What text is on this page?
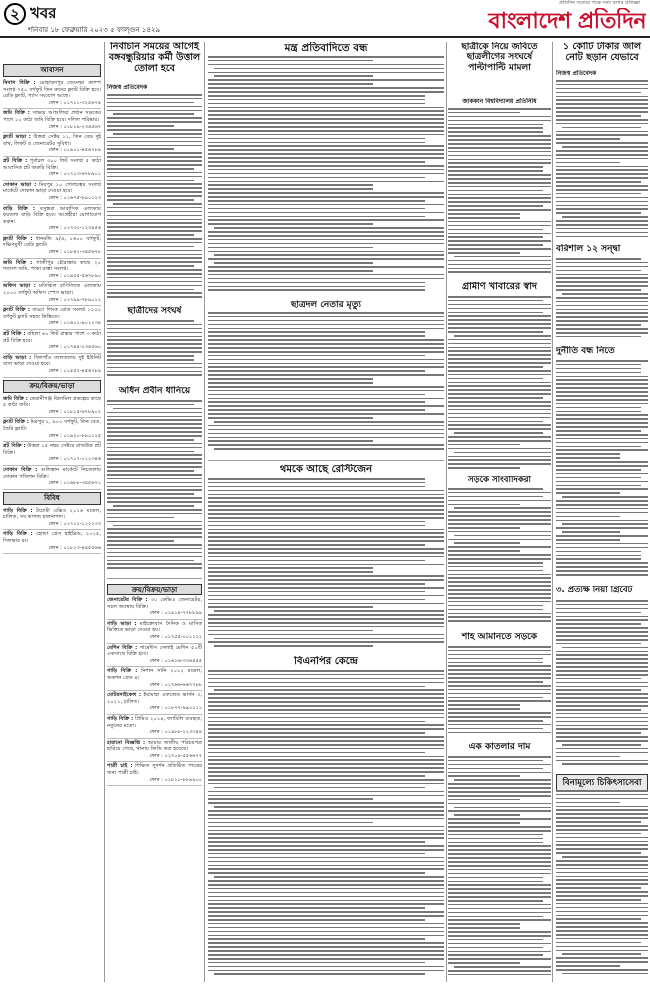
২ খবর
শনিবার ১৮ ফেব্রুয়ারি ২০২৩ ৫ ফাল্গুন ১৪২৯
প্রতিদিন সত্যের পক্ষে সত্য বলার প্রতিজ্ঞা
বাংলাদেশ প্রতিদিন
আবাসন
নিবাস বিক্রি : মোহাম্মদপুর জেনেভা ক্যাম্প সংলগ্ন ৭৫০ বর্গফুট তিন রুমের ফ্ল্যাট বিক্রি হবে। রেডি ফ্ল্যাট, গ্যাস সংযোগ আছে।
ফোন : ০১৭১১-৩২৫৬৭৪
জমি বিক্রি : সাভার আশুলিয়া প্রধান সড়কের পাশে ১০ কাঠা জমি বিক্রি হবে। দলিল পরিষ্কার।
ফোন : ০১৮১৯-২৩৪৫৬৭
ফ্ল্যাট ভাড়া : উত্তরা সেক্টর ১১, তিন বেড দুই বাথ, লিফট ও জেনারেটর সুবিধা।
ফোন : ০১৯১১-৪৫৬৭৮৯
প্লট বিক্রি : পূর্বাচল ৩০০ ফিট সংলগ্ন ৫ কাঠা আবাসিক প্লট জরুরি বিক্রি।
ফোন : ০১৭১৩-৬৭৮৯০১
দোকান ভাড়া : মিরপুর ১০ গোলচত্বর সংলগ্ন মার্কেটে দোকান ভাড়া দেওয়া হবে।
ফোন : ০১৬৭৫-৮৯০১২৩
বাড়ি বিক্রি : বসুন্ধরা আবাসিক এলাকায় ছয়তলা বাড়ি বিক্রি হবে। আগ্রহীরা যোগাযোগ করুন।
ফোন : ০১৭৩০-১২৩৪৫৬
ফ্ল্যাট বিক্রি : ধানমন্ডি ৯/এ, ১৬০০ বর্গফুট, দক্ষিণমুখী রেডি ফ্ল্যাট।
ফোন : ০১৮৪২-৩৪৫৬৭৮
জমি বিক্রি : গাজীপুর চৌরাস্তার কাছে ২০ শতাংশ জমি, পাকা রাস্তা সংলগ্ন।
ফোন : ০১৯৫৫-৫৬৭৮৯০
অফিস ভাড়া : মতিঝিল বাণিজ্যিক এলাকায় ২০০০ বর্গফুট অফিস স্পেস ভাড়া।
ফোন : ০১৭৯৯-৭৮৯০১২
ফ্ল্যাট বিক্রি : বাড্ডা লিংক রোড সংলগ্ন ১২০০ বর্গফুট ফ্ল্যাট সহজ কিস্তিতে।
ফোন : ০১৬১১-৯০১২৩৪
প্লট বিক্রি : বছিলা ৪০ ফিট রাস্তার পাশে ৩ কাঠা প্লট বিক্রি হবে।
ফোন : ০১৭৪৪-২৩৪৫৬০
বাড়ি ভাড়া : খিলগাঁও তালতলায় দুই ইউনিট বাসা ভাড়া দেওয়া হবে।
ফোন : ০১৫৫২-৪৫৬৭৮৯
ক্রয়/বিক্রয়/ভাড়া
জমি বিক্রি : কেরানীগঞ্জ ঝিলমিল প্রকল্পের কাছে ৫ কাঠা জমি।
ফোন : ০১৮১৫-৬৭৮৯০২
ফ্ল্যাট বিক্রি : মিরপুর ২, ৯০০ বর্গফুট, তিন বেড, তৈরি ফ্ল্যাট।
ফোন : ০১৯২০-৮৯০১২৫
প্লট বিক্রি : উত্তরা ১৫ নম্বর সেক্টরে রাজউক প্লট বিক্রি।
ফোন : ০১৭১৭-০১২৩৪৬
দোকান বিক্রি : গুলিস্তান মার্কেটে নিচতলায় দোকান পজিশন বিক্রি।
ফোন : ০১৬৮৮-৩৪৫৬৭১
বিবিধ
গাড়ি বিক্রি : টয়োটা এক্সিও ২০১৬ মডেল, চালিত, সব কাগজ হালনাগাদ।
ফোন : ০১৭১২-১১২২৩৩
গাড়ি বিক্রি : হোন্ডা গ্রেস হাইব্রিড, ২০১৫, সিলভার রং।
ফোন : ০১৮১৩-৪৪৫৫৬৬
নির্বাচনি সময়ের আগেই বঙ্গবন্ধুরিয়ার কর্মী উত্তাল তোলা হবে
নিজস্ব প্রতিবেদক
ছাত্রীদের সংঘর্ষ
অধিন প্রবীন ধানিয়ে
ক্রয়/বিক্রয়/ভাড়া
জেনারেটর বিক্রি : ৩০ কেভিএ জেনারেটর, সচল অবস্থায় বিক্রি।
ফোন : ০১৯১৪-৭৭৮৮৯৯
গাড়ি ভাড়া : মাইক্রোবাস দৈনিক ও মাসিক ভিত্তিতে ভাড়া দেওয়া হয়।
ফোন : ০১৭৫৫-০০১১২২
মেশিন বিক্রি : গার্মেন্টস সেলাই মেশিন ৫০টি একসাথে বিক্রি হবে।
ফোন : ০১৬১৬-৩৩৪৪৫৫
গাড়ি বিক্রি : নিশান সানি ২০১২ মডেল, অকশন গ্রেড ৪।
ফোন : ০১৭৬৬-৬৬৭৭৮৮
মোটরসাইকেল : ইয়ামাহা এফজেড ভার্সন ৩, ২০২১, চালিত।
ফোন : ০১৮৭৭-৯৯০০১১
গাড়ি বিক্রি : প্রিমিও ২০১৪, ফ্যামিলি ব্যবহৃত, নতুনের মতো।
ফোন : ০১৯৮৮-২২৩৩৪৪
হারানো বিজ্ঞপ্তি : আমার জাতীয় পরিচয়পত্র হারিয়ে গেছে, থানায় জিডি করা হয়েছে।
ফোন : ০১৭০৯-৫৫৬৬৭৭
পাত্রী চাই : শিক্ষিত সুদর্শন প্রতিষ্ঠিত পাত্রের জন্য পাত্রী চাই।
ফোন : ০১৮১০-৮৮৯৯০০
মন্ত্র প্রতিবাদিতে বন্ধ
ছাত্রদল নেতার মৃত্যু
থমকে আছে রেস্টিজেন
বিএনপির কেন্দ্রে
ছাত্রীকে নিয়ে জবিতে ছাত্রলীগের সংঘর্ষে পাল্টাপাল্টি মামলা
জাককান বিশ্ববিদ্যালয় প্রতিনিধি
গ্রামীণ খাবারের স্বাদ
সড়কে সাংবাদিকরা
শাহ আমানতে সড়কে
এক কাতলার দাম
১ কোটি টাকার জাল নোট ছড়ান যেভাবে
নিজস্ব প্রতিবেদক
বরিশাল ১২ সন্দ্বা
দুর্নীতি বন্ধ নিতে
৩. প্রত্যক্ষ নিয়া গ্রিবেট
বিনামূল্যে চিকিৎসাসেবা
